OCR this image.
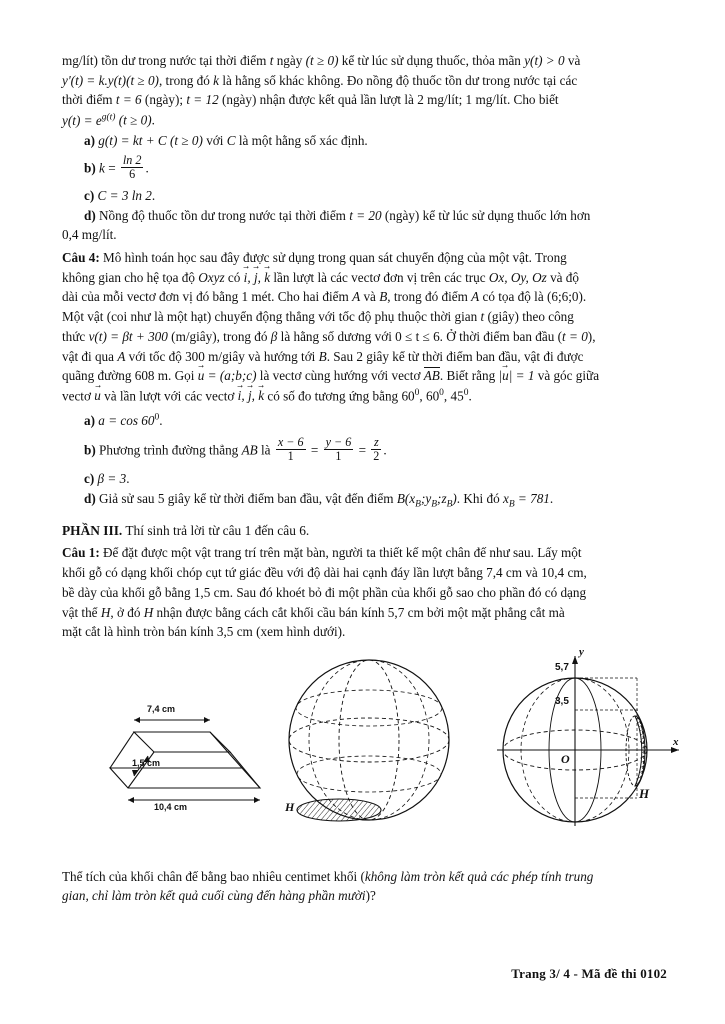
mg/lít) tồn dư trong nước tại thời điểm t ngày (t ≥ 0) kể từ lúc sử dụng thuốc, thỏa mãn y(t) > 0 và
y'(t) = k.y(t)(t ≥ 0), trong đó k là hằng số khác không. Đo nồng độ thuốc tồn dư trong nước tại các
thời điểm t = 6 (ngày); t = 12 (ngày) nhận được kết quả lần lượt là 2 mg/lít; 1 mg/lít. Cho biết
$y(t) = e^{g(t)}$ (t ≥ 0).
a) g(t) = kt + C (t ≥ 0) với C là một hằng số xác định.
b) $k = \frac{\ln 2}{6}$ .
c) C = 3 ln 2.
d) Nồng độ thuốc tồn dư trong nước tại thời điểm t = 20 (ngày) kể từ lúc sử dụng thuốc lớn hơn
0,4 mg/lít.
Câu 4: Mô hình toán học sau đây được sử dụng trong quan sát chuyển động của một vật. Trong
không gian cho hệ tọa độ Oxyz có i →, j →, k → lần lượt là các vectơ đơn vị trên các trục Ox, Oy, Oz và độ
dài của mỗi vectơ đơn vị đó bằng 1 mét. Cho hai điểm A và B, trong đó điểm A có tọa độ là (6;6;0).
Một vật (coi như là một hạt) chuyển động thẳng với tốc độ phụ thuộc thời gian t (giây) theo công
thức v(t) = βt + 300 (m/giây), trong đó β là hằng số dương với 0 ≤ t ≤ 6. Ở thời điểm ban đầu (t = 0),
vật đi qua A với tốc độ 300 m/giây và hướng tới B. Sau 2 giây kể từ thời điểm ban đầu, vật đi được
quãng đường 608 m. Gọi u → = (a;b;c) là vectơ cùng hướng với vectơ AB. Biết rằng |u →| = 1 và góc giữa
vectơ u → và lần lượt với các vectơ i →, j →, k → có số đo tương ứng bằng $60^0$, $60^0$, $45^0$.
a) $a = \cos 60^0$.
b) Phương trình đường thẳng AB là $\frac{x - 6}{1} = \frac{y - 6}{1} = \frac{z}{2}$ .
c) β = 3.
d) Giả sử sau 5 giây kể từ thời điểm ban đầu, vật đến điểm $B(x_B;y_B;z_B)$. Khi đó $x_B = 781$.
PHẦN III. Thí sinh trả lời từ câu 1 đến câu 6.
Câu 1: Để đặt được một vật trang trí trên mặt bàn, người ta thiết kế một chân đế như sau. Lấy một
khối gỗ có dạng khối chóp cụt tứ giác đều với độ dài hai cạnh đáy lần lượt bằng 7,4 cm và 10,4 cm,
bề dày của khối gỗ bằng 1,5 cm. Sau đó khoét bỏ đi một phần của khối gỗ sao cho phần đó có dạng
vật thể H, ở đó H nhận được bằng cách cắt khối cầu bán kính 5,7 cm bởi một mặt phẳng cắt mà
mặt cắt là hình tròn bán kính 3,5 cm (xem hình dưới).
7,4 cm
1,5 cm
10,4 cm	H
y
x
O
5,7
3,5
H
Thể tích của khối chân đế bằng bao nhiêu centimet khối (không làm tròn kết quả các phép tính trung
gian, chỉ làm tròn kết quả cuối cùng đến hàng phần mười)?
Trang 3/ 4 - Mã đề thi 0102
